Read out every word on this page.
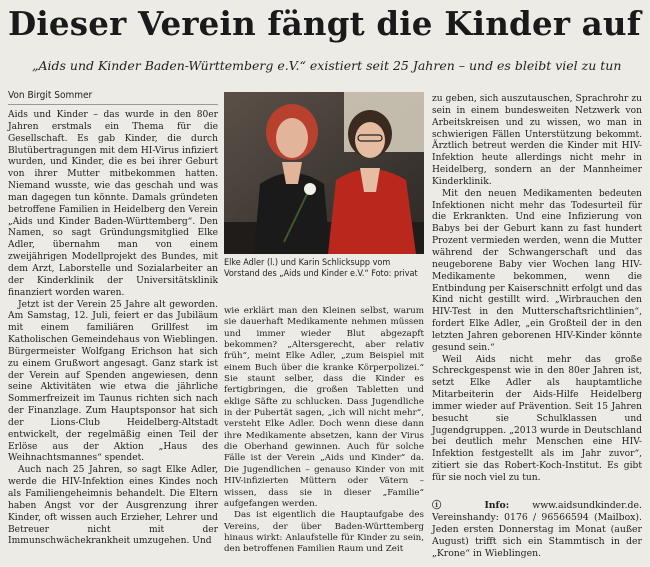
Dieser Verein fängt die Kinder auf
„Aids und Kinder Baden-Württemberg e.V.“ existiert seit 25 Jahren – und es bleibt viel zu tun
Von Birgit Sommer

Aids und Kinder – das wurde in den 80er Jahren erstmals ein Thema für die Gesellschaft. Es gab Kinder, die durch Blutübertragungen mit dem HI-Virus infiziert wurden, und Kinder, die es bei ihrer Geburt von ihrer Mutter mitbekommen hatten. Niemand wusste, wie das geschah und was man dagegen tun könnte. Damals gründeten betroffene Familien in Heidelberg den Verein „Aids und Kinder Baden-Württemberg“. Den Namen, so sagt Gründungsmitglied Elke Adler, übernahm man von einem zweijährigen Modellprojekt des Bundes, mit dem Arzt, Laborstelle und Sozialarbeiter an der Kinderklinik der Universitätsklinik finanziert worden waren.

Jetzt ist der Verein 25 Jahre alt geworden. Am Samstag, 12. Juli, feiert er das Jubiläum mit einem familiären Grillfest im Katholischen Gemeindehaus von Wieblingen. Bürgermeister Wolfgang Erichson hat sich zu einem Grußwort angesagt. Ganz stark ist der Verein auf Spenden angewiesen, denn seine Aktivitäten wie etwa die jährliche Sommerfreizeit im Taunus richten sich nach der Finanzlage. Zum Hauptsponsor hat sich der Lions-Club Heidelberg-Altstadt entwickelt, der regelmäßig einen Teil der Erlöse aus der Aktion „Haus des Weihnachtsmannes“ spendet.

Auch nach 25 Jahren, so sagt Elke Adler, werde die HIV-Infektion eines Kindes noch als Familiengeheimnis behandelt. Die Eltern haben Angst vor der Ausgrenzung ihrer Kinder, oft wissen auch Erzieher, Lehrer und Betreuer nicht mit der Immunschwächekrankheit umzugehen. Und

Elke Adler (l.) und Karin Schlicksupp vom Vorstand des „Aids und Kinder e.V.“ Foto: privat

wie erklärt man den Kleinen selbst, warum sie dauerhaft Medikamente nehmen müssen und immer wieder Blut abgezapft bekommen? „Altersgerecht, aber relativ früh“, meint Elke Adler, „zum Beispiel mit einem Buch über die kranke Körperpolizei.“ Sie staunt selber, dass die Kinder es fertigbringen, die großen Tabletten und eklige Säfte zu schlucken. Dass Jugendliche in der Pubertät sagen, „ich will nicht mehr“, versteht Elke Adler. Doch wenn diese dann ihre Medikamente absetzen, kann der Virus die Oberhand gewinnen. Auch für solche Fälle ist der Verein „Aids und Kinder“ da. Die Jugendlichen – genauso Kinder von mit HIV-infizierten Müttern oder Vätern – wissen, dass sie in dieser „Familie“ aufgefangen werden.

Das ist eigentlich die Hauptaufgabe des Vereins, der über Baden-Württemberg hinaus wirkt: Anlaufstelle für Kinder zu sein, den betroffenen Familien Raum und Zeit

zu geben, sich auszutauschen, Sprachrohr zu sein in einem bundesweiten Netzwerk von Arbeitskreisen und zu wissen, wo man in schwierigen Fällen Unterstützung bekommt. Ärztlich betreut werden die Kinder mit HIV-Infektion heute allerdings nicht mehr in Heidelberg, sondern an der Mannheimer Kinderklinik.

Mit den neuen Medikamenten bedeuten Infektionen nicht mehr das Todesurteil für die Erkrankten. Und eine Infizierung von Babys bei der Geburt kann zu fast hundert Prozent vermieden werden, wenn die Mutter während der Schwangerschaft und das neugeborene Baby vier Wochen lang HIV-Medikamente bekommen, wenn die Entbindung per Kaiserschnitt erfolgt und das Kind nicht gestillt wird. „Wirbrauchen den HIV-Test in den Mutterschaftsrichtlinien“, fordert Elke Adler, „ein Großteil der in den letzten Jahren geborenen HIV-Kinder könnte gesund sein.“

Weil Aids nicht mehr das große Schreckgespenst wie in den 80er Jahren ist, setzt Elke Adler als hauptamtliche Mitarbeiterin der Aids-Hilfe Heidelberg immer wieder auf Prävention. Seit 15 Jahren besucht sie Schulklassen und Jugendgruppen. „2013 wurde in Deutschland bei deutlich mehr Menschen eine HIV-Infektion festgestellt als im Jahr zuvor“, zitiert sie das Robert-Koch-Institut. Es gibt für sie noch viel zu tun.

ⓘ Info: www.aidsundkinder.de. Vereinshandy: 0176 / 96566594 (Mailbox). Jeden ersten Donnerstag im Monat (außer August) trifft sich ein Stammtisch in der „Krone“ in Wieblingen.
